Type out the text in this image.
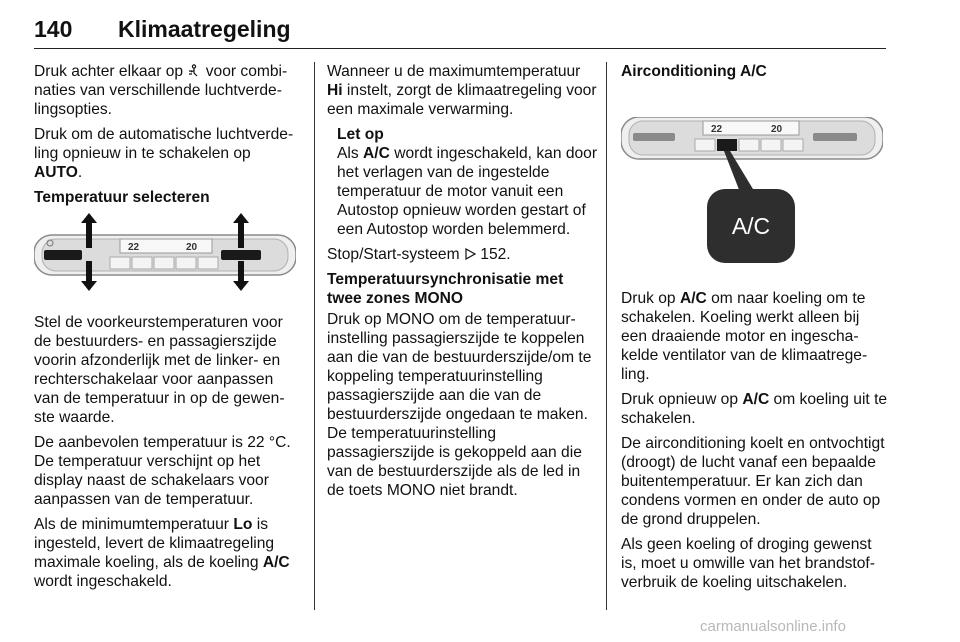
140 Klimaatregeling

Druk achter elkaar op  voor combinaties van verschillende luchtverdelingsopties.

Druk om de automatische luchtverdeling opnieuw in te schakelen op AUTO.

Temperatuur selecteren

22	20

Stel de voorkeurstemperaturen voor de bestuurders- en passagierszijde voorin afzonderlijk met de linker- en rechterschakelaar voor aanpassen van de temperatuur in op de gewenste waarde.

De aanbevolen temperatuur is 22 °C. De temperatuur verschijnt op het display naast de schakelaars voor aanpassen van de temperatuur.

Als de minimumtemperatuur Lo is ingesteld, levert de klimaatregeling maximale koeling, als de koeling A/C wordt ingeschakeld.

Wanneer u de maximumtemperatuur Hi instelt, zorgt de klimaatregeling voor een maximale verwarming.

Let op

Als A/C wordt ingeschakeld, kan door het verlagen van de ingestelde temperatuur de motor vanuit een Autostop opnieuw worden gestart of een Autostop worden belemmerd.

Stop/Start-systeem  152.

Temperatuursynchronisatie met twee zones MONO

Druk op MONO om de temperatuurinstelling passagierszijde te koppelen aan die van de bestuurderszijde/om te koppeling temperatuurinstelling passagierszijde aan die van de bestuurderszijde ongedaan te maken. De temperatuurinstelling passagierszijde is gekoppeld aan die van de bestuurderszijde als de led in de toets MONO niet brandt.

Airconditioning A/C

22	20
A/C

Druk op A/C om naar koeling om te schakelen. Koeling werkt alleen bij een draaiende motor en ingeschakelde ventilator van de klimaatregeling.

Druk opnieuw op A/C om koeling uit te schakelen.

De airconditioning koelt en ontvochtigt (droogt) de lucht vanaf een bepaalde buitentemperatuur. Er kan zich dan condens vormen en onder de auto op de grond druppelen.

Als geen koeling of droging gewenst is, moet u omwille van het brandstofverbruik de koeling uitschakelen.

carmanualsonline.info
